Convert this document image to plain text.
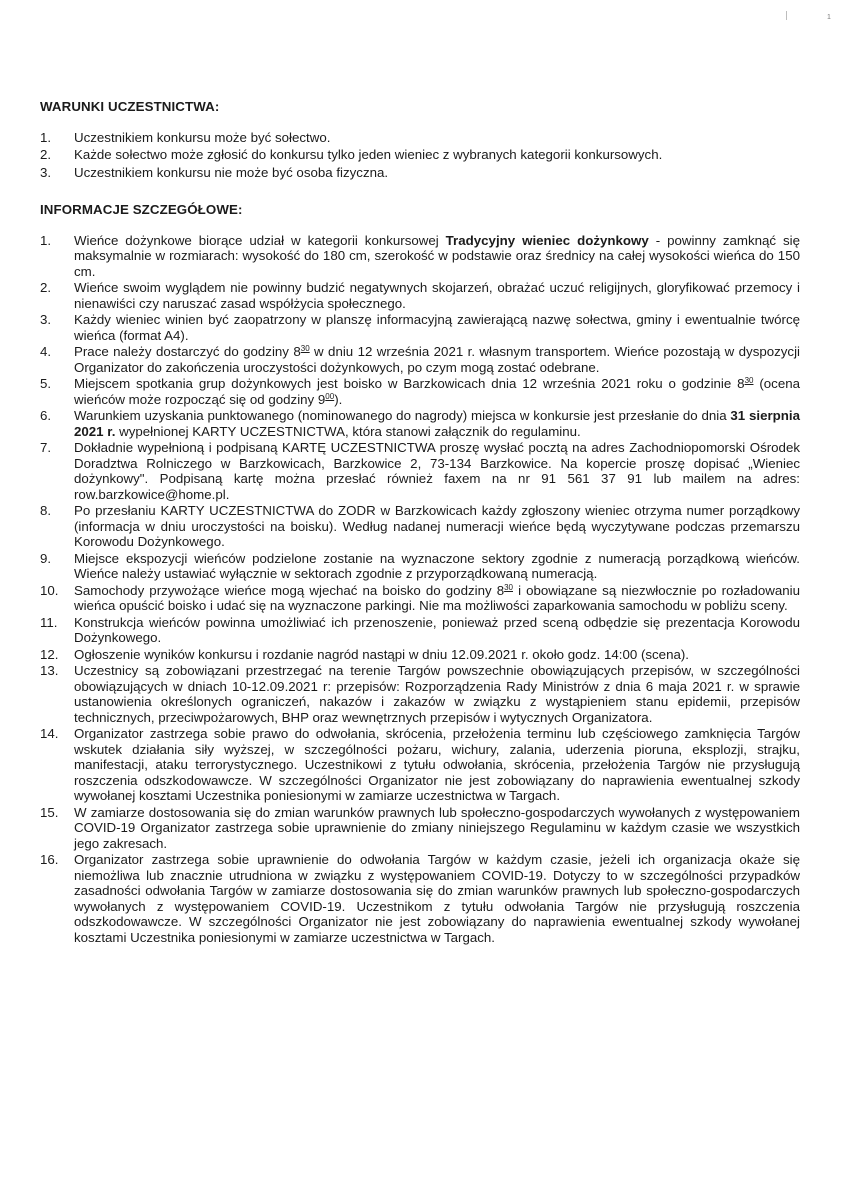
1
WARUNKI UCZESTNICTWA:
1. Uczestnikiem konkursu może być sołectwo.
2. Każde sołectwo może zgłosić do konkursu tylko jeden wieniec z wybranych kategorii konkursowych.
3. Uczestnikiem konkursu nie może być osoba fizyczna.
INFORMACJE SZCZEGÓŁOWE:
1. Wieńce dożynkowe biorące udział w kategorii konkursowej Tradycyjny wieniec dożynkowy - powinny zamknąć się maksymalnie w rozmiarach: wysokość do 180 cm, szerokość w podstawie oraz średnicy na całej wysokości wieńca do 150 cm.
2. Wieńce swoim wyglądem nie powinny budzić negatywnych skojarzeń, obrażać uczuć religijnych, gloryfikować przemocy i nienawiści czy naruszać zasad współżycia społecznego.
3. Każdy wieniec winien być zaopatrzony w planszę informacyjną zawierającą nazwę sołectwa, gminy i ewentualnie twórcę wieńca (format A4).
4. Prace należy dostarczyć do godziny $8^{30}$ w dniu 12 września 2021 r. własnym transportem. Wieńce pozostają w dyspozycji Organizator do zakończenia uroczystości dożynkowych, po czym mogą zostać odebrane.
5. Miejscem spotkania grup dożynkowych jest boisko w Barzkowicach dnia 12 września 2021 roku o godzinie $8^{30}$ (ocena wieńców może rozpocząć się od godziny $9^{00}$).
6. Warunkiem uzyskania punktowanego (nominowanego do nagrody) miejsca w konkursie jest przesłanie do dnia 31 sierpnia 2021 r. wypełnionej KARTY UCZESTNICTWA, która stanowi załącznik do regulaminu.
7. Dokładnie wypełnioną i podpisaną KARTĘ UCZESTNICTWA proszę wysłać pocztą na adres Zachodniopomorski Ośrodek Doradztwa Rolniczego w Barzkowicach, Barzkowice 2, 73-134 Barzkowice. Na kopercie proszę dopisać „Wieniec dożynkowy". Podpisaną kartę można przesłać również faxem na nr 91 561 37 91 lub mailem na adres: row.barzkowice@home.pl.
8. Po przesłaniu KARTY UCZESTNICTWA do ZODR w Barzkowicach każdy zgłoszony wieniec otrzyma numer porządkowy (informacja w dniu uroczystości na boisku). Według nadanej numeracji wieńce będą wyczytywane podczas przemarszu Korowodu Dożynkowego.
9. Miejsce ekspozycji wieńców podzielone zostanie na wyznaczone sektory zgodnie z numeracją porządkową wieńców. Wieńce należy ustawiać wyłącznie w sektorach zgodnie z przyporządkowaną numeracją.
10. Samochody przywożące wieńce mogą wjechać na boisko do godziny $8^{30}$ i obowiązane są niezwłocznie po rozładowaniu wieńca opuścić boisko i udać się na wyznaczone parkingi. Nie ma możliwości zaparkowania samochodu w pobliżu sceny.
11. Konstrukcja wieńców powinna umożliwiać ich przenoszenie, ponieważ przed sceną odbędzie się prezentacja Korowodu Dożynkowego.
12. Ogłoszenie wyników konkursu i rozdanie nagród nastąpi w dniu 12.09.2021 r. około godz. 14:00 (scena).
13. Uczestnicy są zobowiązani przestrzegać na terenie Targów powszechnie obowiązujących przepisów, w szczególności obowiązujących w dniach 10-12.09.2021 r: przepisów: Rozporządzenia Rady Ministrów z dnia 6 maja 2021 r. w sprawie ustanowienia określonych ograniczeń, nakazów i zakazów w związku z wystąpieniem stanu epidemii, przepisów technicznych, przeciwpożarowych, BHP oraz wewnętrznych przepisów i wytycznych Organizatora.
14. Organizator zastrzega sobie prawo do odwołania, skrócenia, przełożenia terminu lub częściowego zamknięcia Targów wskutek działania siły wyższej, w szczególności pożaru, wichury, zalania, uderzenia pioruna, eksplozji, strajku, manifestacji, ataku terrorystycznego. Uczestnikowi z tytułu odwołania, skrócenia, przełożenia Targów nie przysługują roszczenia odszkodowawcze. W szczególności Organizator nie jest zobowiązany do naprawienia ewentualnej szkody wywołanej kosztami Uczestnika poniesionymi w zamiarze uczestnictwa w Targach.
15. W zamiarze dostosowania się do zmian warunków prawnych lub społeczno-gospodarczych wywołanych z występowaniem COVID-19 Organizator zastrzega sobie uprawnienie do zmiany niniejszego Regulaminu w każdym czasie we wszystkich jego zakresach.
16. Organizator zastrzega sobie uprawnienie do odwołania Targów w każdym czasie, jeżeli ich organizacja okaże się niemożliwa lub znacznie utrudniona w związku z występowaniem COVID-19. Dotyczy to w szczególności przypadków zasadności odwołania Targów w zamiarze dostosowania się do zmian warunków prawnych lub społeczno-gospodarczych wywołanych z występowaniem COVID-19. Uczestnikom z tytułu odwołania Targów nie przysługują roszczenia odszkodowawcze. W szczególności Organizator nie jest zobowiązany do naprawienia ewentualnej szkody wywołanej kosztami Uczestnika poniesionymi w zamiarze uczestnictwa w Targach.
